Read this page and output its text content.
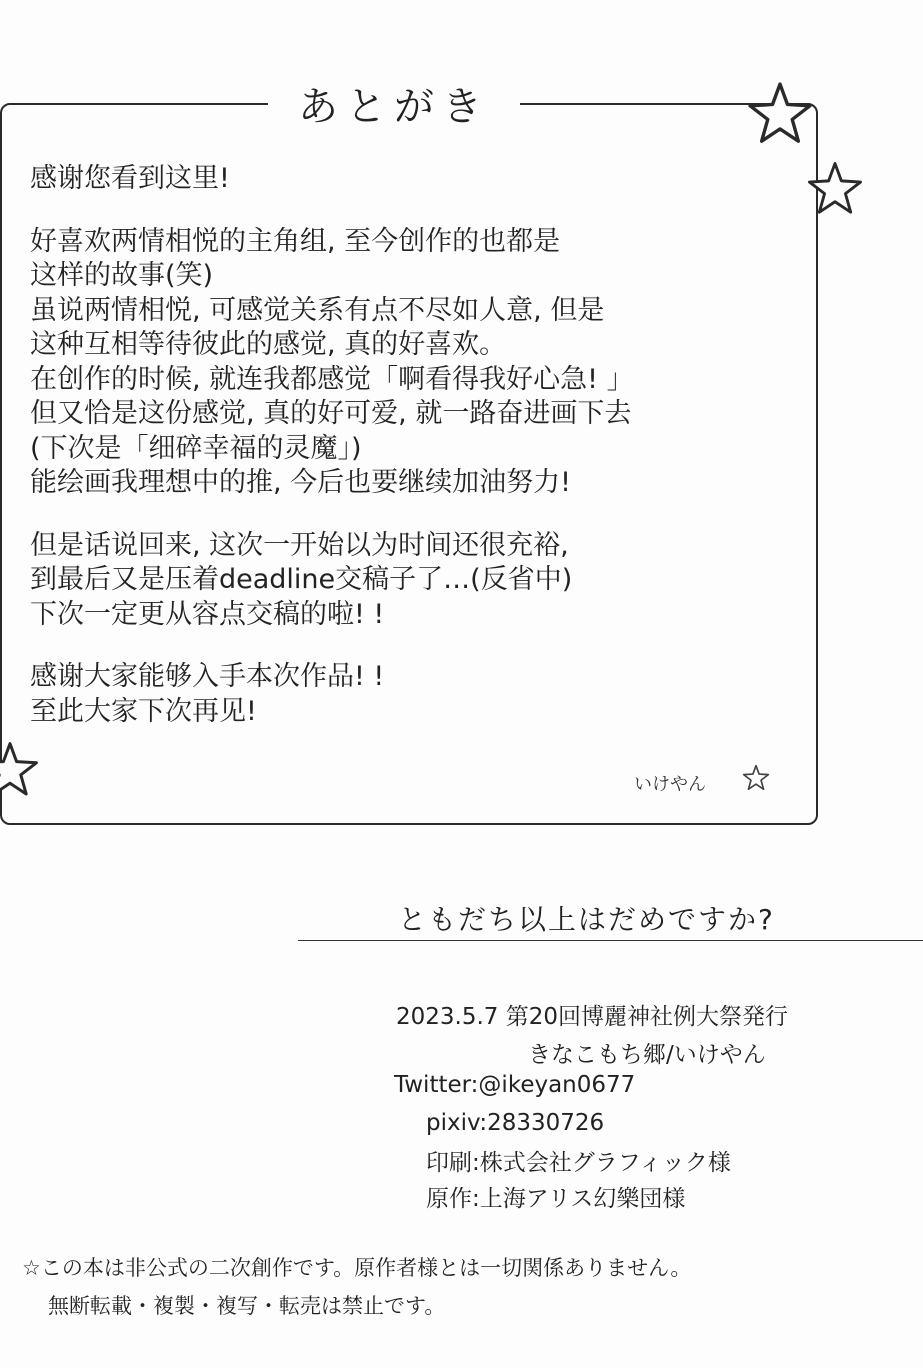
あとがき

感谢您看到这里!

好喜欢两情相悦的主角组, 至今创作的也都是

这样的故事(笑)

虽说两情相悦, 可感觉关系有点不尽如人意, 但是

这种互相等待彼此的感觉, 真的好喜欢。

在创作的时候, 就连我都感觉「啊看得我好心急! 」

但又恰是这份感觉, 真的好可爱, 就一路奋进画下去

(下次是「细碎幸福的灵魔」)

能绘画我理想中的推, 今后也要继续加油努力!

但是话说回来, 这次一开始以为时间还很充裕,

到最后又是压着deadline交稿子了…(反省中)

下次一定更从容点交稿的啦! !

感谢大家能够入手本次作品! !

至此大家下次再见!

いけやん
ともだち以上はだめですか?
2023.5.7 第20回博麗神社例大祭発行
きなこもち郷/いけやん
Twitter:@ikeyan0677
pixiv:28330726
印刷:株式会社グラフィック様
原作:上海アリス幻樂団様
☆この本は非公式の二次創作です。原作者様とは一切関係ありません。
無断転載・複製・複写・転売は禁止です。
